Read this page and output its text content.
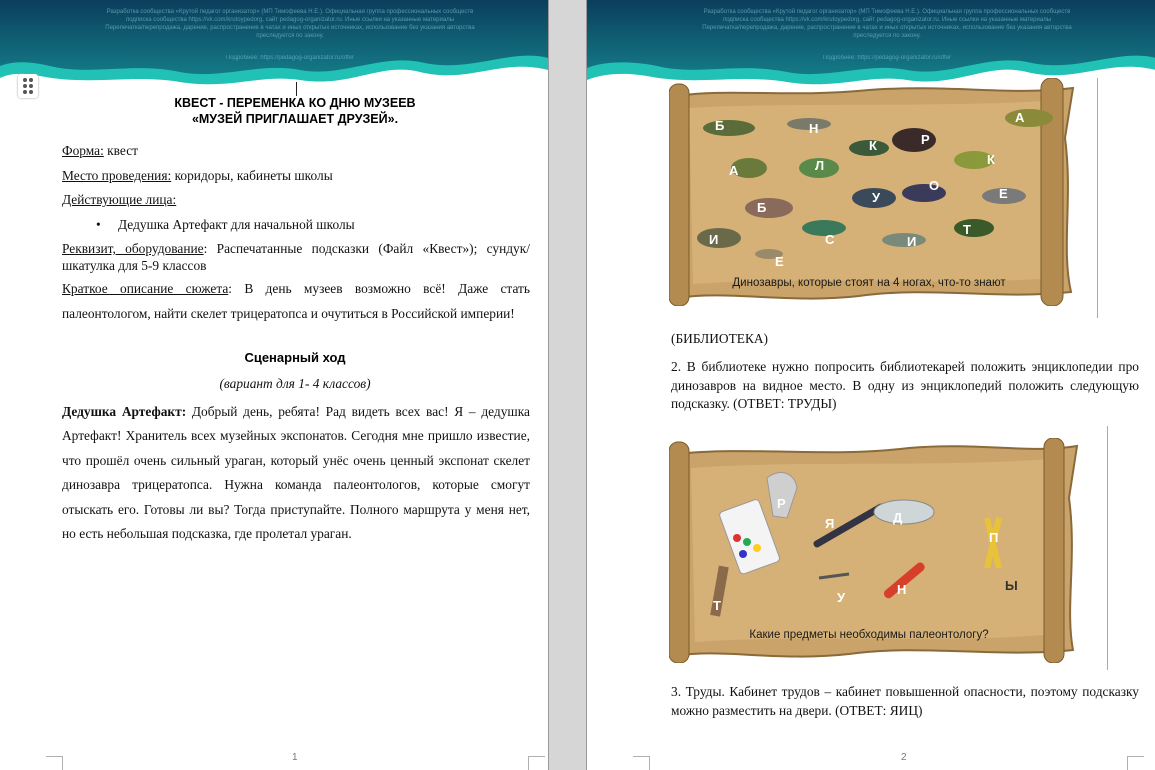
Разработка сообщества «Крутой педагог организатор» (МП Тимофеева Н.Е.). Официальная группа профессиональных сообществ
подписка сообщества https://vk.com/krutoypedorg, сайт pedagog-organizator.ru. Иные ссылки на указанные материалы
Перепечатка/перепродажа, дарение, распространение в чатах и иных открытых источниках, использование без указания авторства
преследуется по закону.
Подробнее: https://pedagog-organizator.ru/offer
КВЕСТ - ПЕРЕМЕНКА КО ДНЮ МУЗЕЕВ
«МУЗЕЙ ПРИГЛАШАЕТ ДРУЗЕЙ».
Форма: квест
Место проведения: коридоры, кабинеты школы
Действующие лица:
• Дедушка Артефакт для начальной школы
Реквизит, оборудование: Распечатанные подсказки (Файл «Квест»); сундук/шкатулка для 5-9 классов
Краткое описание сюжета: В день музеев возможно всё! Даже стать палеонтологом, найти скелет трицератопса и очутиться в Российской империи!
Сценарный ход
(вариант для 1- 4 классов)
Дедушка Артефакт: Добрый день, ребята! Рад видеть всех вас! Я – дедушка Артефакт! Хранитель всех музейных экспонатов. Сегодня мне пришло известие, что прошёл очень сильный ураган, который унёс очень ценный экспонат скелет динозавра трицератопса. Нужна команда палеонтологов, которые смогут отыскать его. Готовы ли вы? Тогда приступайте. Полного маршрута у меня нет, но есть небольшая подсказка, где пролетал ураган.
1
Разработка сообщества «Крутой педагог организатор» (МП Тимофеева Н.Е.). Официальная группа профессиональных сообществ
подписка сообщества https://vk.com/krutoypedorg, сайт pedagog-organizator.ru. Иные ссылки на указанные материалы
Перепечатка/перепродажа, дарение, распространение в чатах и иных открытых источниках, использование без указания авторства
преследуется по закону.
Подробнее: https://pedagog-organizator.ru/offer
Б	Н
Р
А
А	Л
К
К
О
Б
У	Е
И	С	И
Т
Е
Динозавры, которые стоят на 4 ногах, что-то знают
(БИБЛИОТЕКА)
2. В библиотеке нужно попросить библиотекарей положить энциклопедии про динозавров на видное место. В одну из энциклопедий положить следующую подсказку. (ОТВЕТ: ТРУДЫ)
Р
Я	Д
П
Т
У
Н	Ы
Какие предметы необходимы палеонтологу?
3. Труды. Кабинет трудов – кабинет повышенной опасности, поэтому подсказку можно разместить на двери. (ОТВЕТ: ЯИЦ)
2
